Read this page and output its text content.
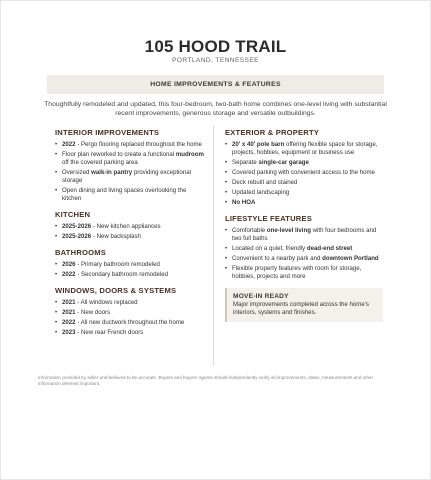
105 HOOD TRAIL
PORTLAND, TENNESSEE
HOME IMPROVEMENTS & FEATURES

Thoughtfully remodeled and updated, this four-bedroom, two-bath home combines one-level living with substantial recent improvements, generous storage and versatile outbuildings.

INTERIOR IMPROVEMENTS
• 2022 - Pergo flooring replaced throughout the home
• Floor plan reworked to create a functional mudroom off the covered parking area
• Oversized walk-in pantry providing exceptional storage
• Open dining and living spaces overlooking the kitchen
KITCHEN
• 2025-2026 - New kitchen appliances
• 2025-2026 - New backsplash
BATHROOMS
• 2026 - Primary bathroom remodeled
• 2022 - Secondary bathroom remodeled
WINDOWS, DOORS & SYSTEMS
• 2021 - All windows replaced
• 2021 - New doors
• 2022 - All new ductwork throughout the home
• 2023 - New rear French doors
EXTERIOR & PROPERTY
• 20' x 40' pole barn offering flexible space for storage, projects, hobbies, equipment or business use
• Separate single-car garage
• Covered parking with convenient access to the home
• Deck rebuilt and stained
• Updated landscaping
• No HOA
LIFESTYLE FEATURES
• Comfortable one-level living with four bedrooms and two full baths
• Located on a quiet, friendly dead-end street
• Convenient to a nearby park and downtown Portland
• Flexible property features with room for storage, hobbies, projects and more
MOVE-IN READY
Major improvements completed across the home's interiors, systems and finishes.

Information provided by seller and believed to be accurate. Buyers and buyers' agents should independently verify all improvements, dates, measurements and other information deemed important.
